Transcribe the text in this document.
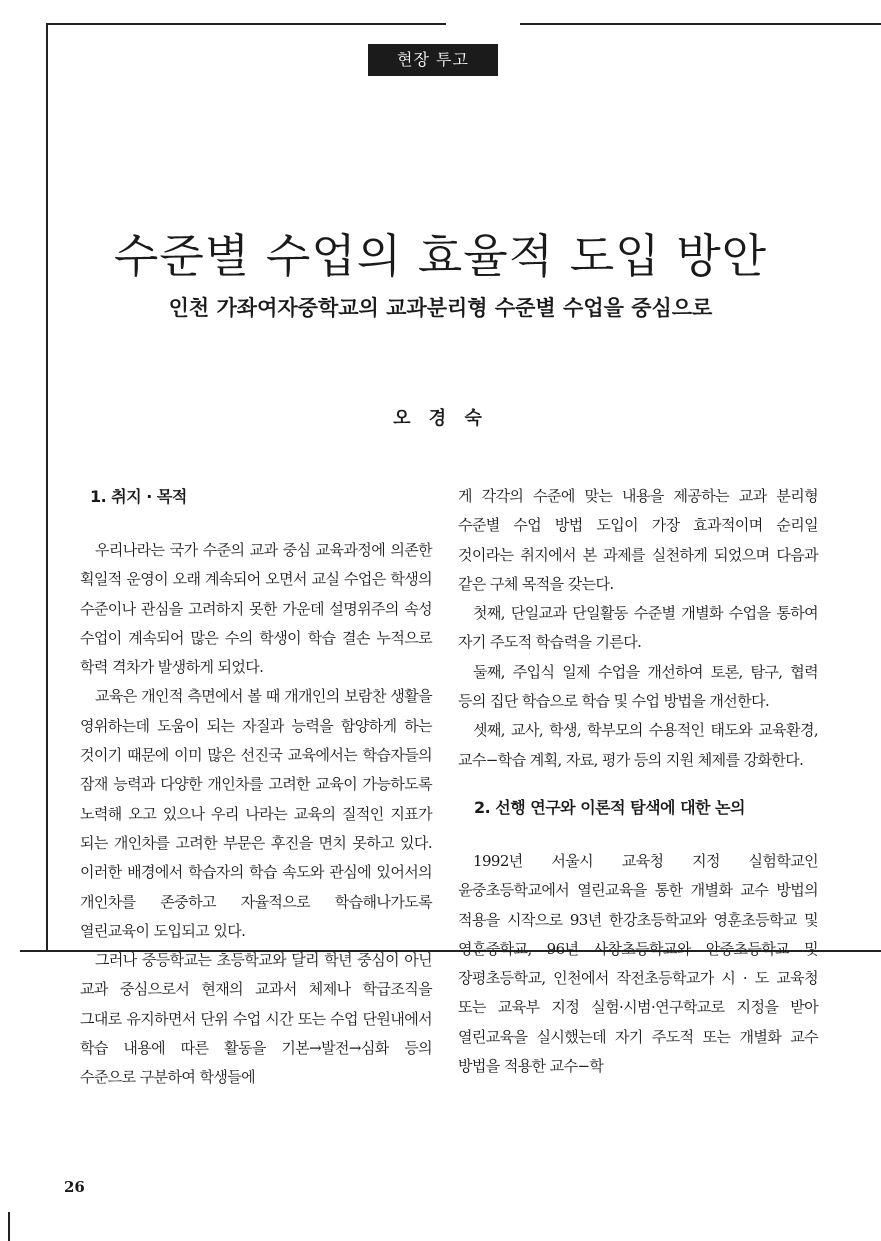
현장 투고
수준별 수업의 효율적 도입 방안
인천 가좌여자중학교의 교과분리형 수준별 수업을 중심으로
오 경 숙
1. 취지 · 목적

우리나라는 국가 수준의 교과 중심 교육과정에 의존한 획일적 운영이 오래 계속되어 오면서 교실 수업은 학생의 수준이나 관심을 고려하지 못한 가운데 설명위주의 속성 수업이 계속되어 많은 수의 학생이 학습 결손 누적으로 학력 격차가 발생하게 되었다.

교육은 개인적 측면에서 볼 때 개개인의 보람찬 생활을 영위하는데 도움이 되는 자질과 능력을 함양하게 하는 것이기 때문에 이미 많은 선진국 교육에서는 학습자들의 잠재 능력과 다양한 개인차를 고려한 교육이 가능하도록 노력해 오고 있으나 우리 나라는 교육의 질적인 지표가 되는 개인차를 고려한 부문은 후진을 면치 못하고 있다. 이러한 배경에서 학습자의 학습 속도와 관심에 있어서의 개인차를 존중하고 자율적으로 학습해나가도록 열린교육이 도입되고 있다.

그러나 중등학교는 초등학교와 달리 학년 중심이 아닌 교과 중심으로서 현재의 교과서 체제나 학급조직을 그대로 유지하면서 단위 수업 시간 또는 수업 단원내에서 학습 내용에 따른 활동을 기본→발전→심화 등의 수준으로 구분하여 학생들에

게 각각의 수준에 맞는 내용을 제공하는 교과 분리형 수준별 수업 방법 도입이 가장 효과적이며 순리일 것이라는 취지에서 본 과제를 실천하게 되었으며 다음과 같은 구체 목적을 갖는다.

첫째, 단일교과 단일활동 수준별 개별화 수업을 통하여 자기 주도적 학습력을 기른다.

둘째, 주입식 일제 수업을 개선하여 토론, 탐구, 협력 등의 집단 학습으로 학습 및 수업 방법을 개선한다.

셋째, 교사, 학생, 학부모의 수용적인 태도와 교육환경, 교수−학습 계획, 자료, 평가 등의 지원 체제를 강화한다.

2. 선행 연구와 이론적 탐색에 대한 논의

1992년 서울시 교육청 지정 실험학교인 윤중초등학교에서 열린교육을 통한 개별화 교수 방법의 적용을 시작으로 93년 한강초등학교와 영훈초등학교 및 영훈중학교, 96년 사창초등학교와 안중초등학교 및 장평초등학교, 인천에서 작전초등학교가 시 · 도 교육청 또는 교육부 지정 실험·시범·연구학교로 지정을 받아 열린교육을 실시했는데 자기 주도적 또는 개별화 교수 방법을 적용한 교수−학

26
